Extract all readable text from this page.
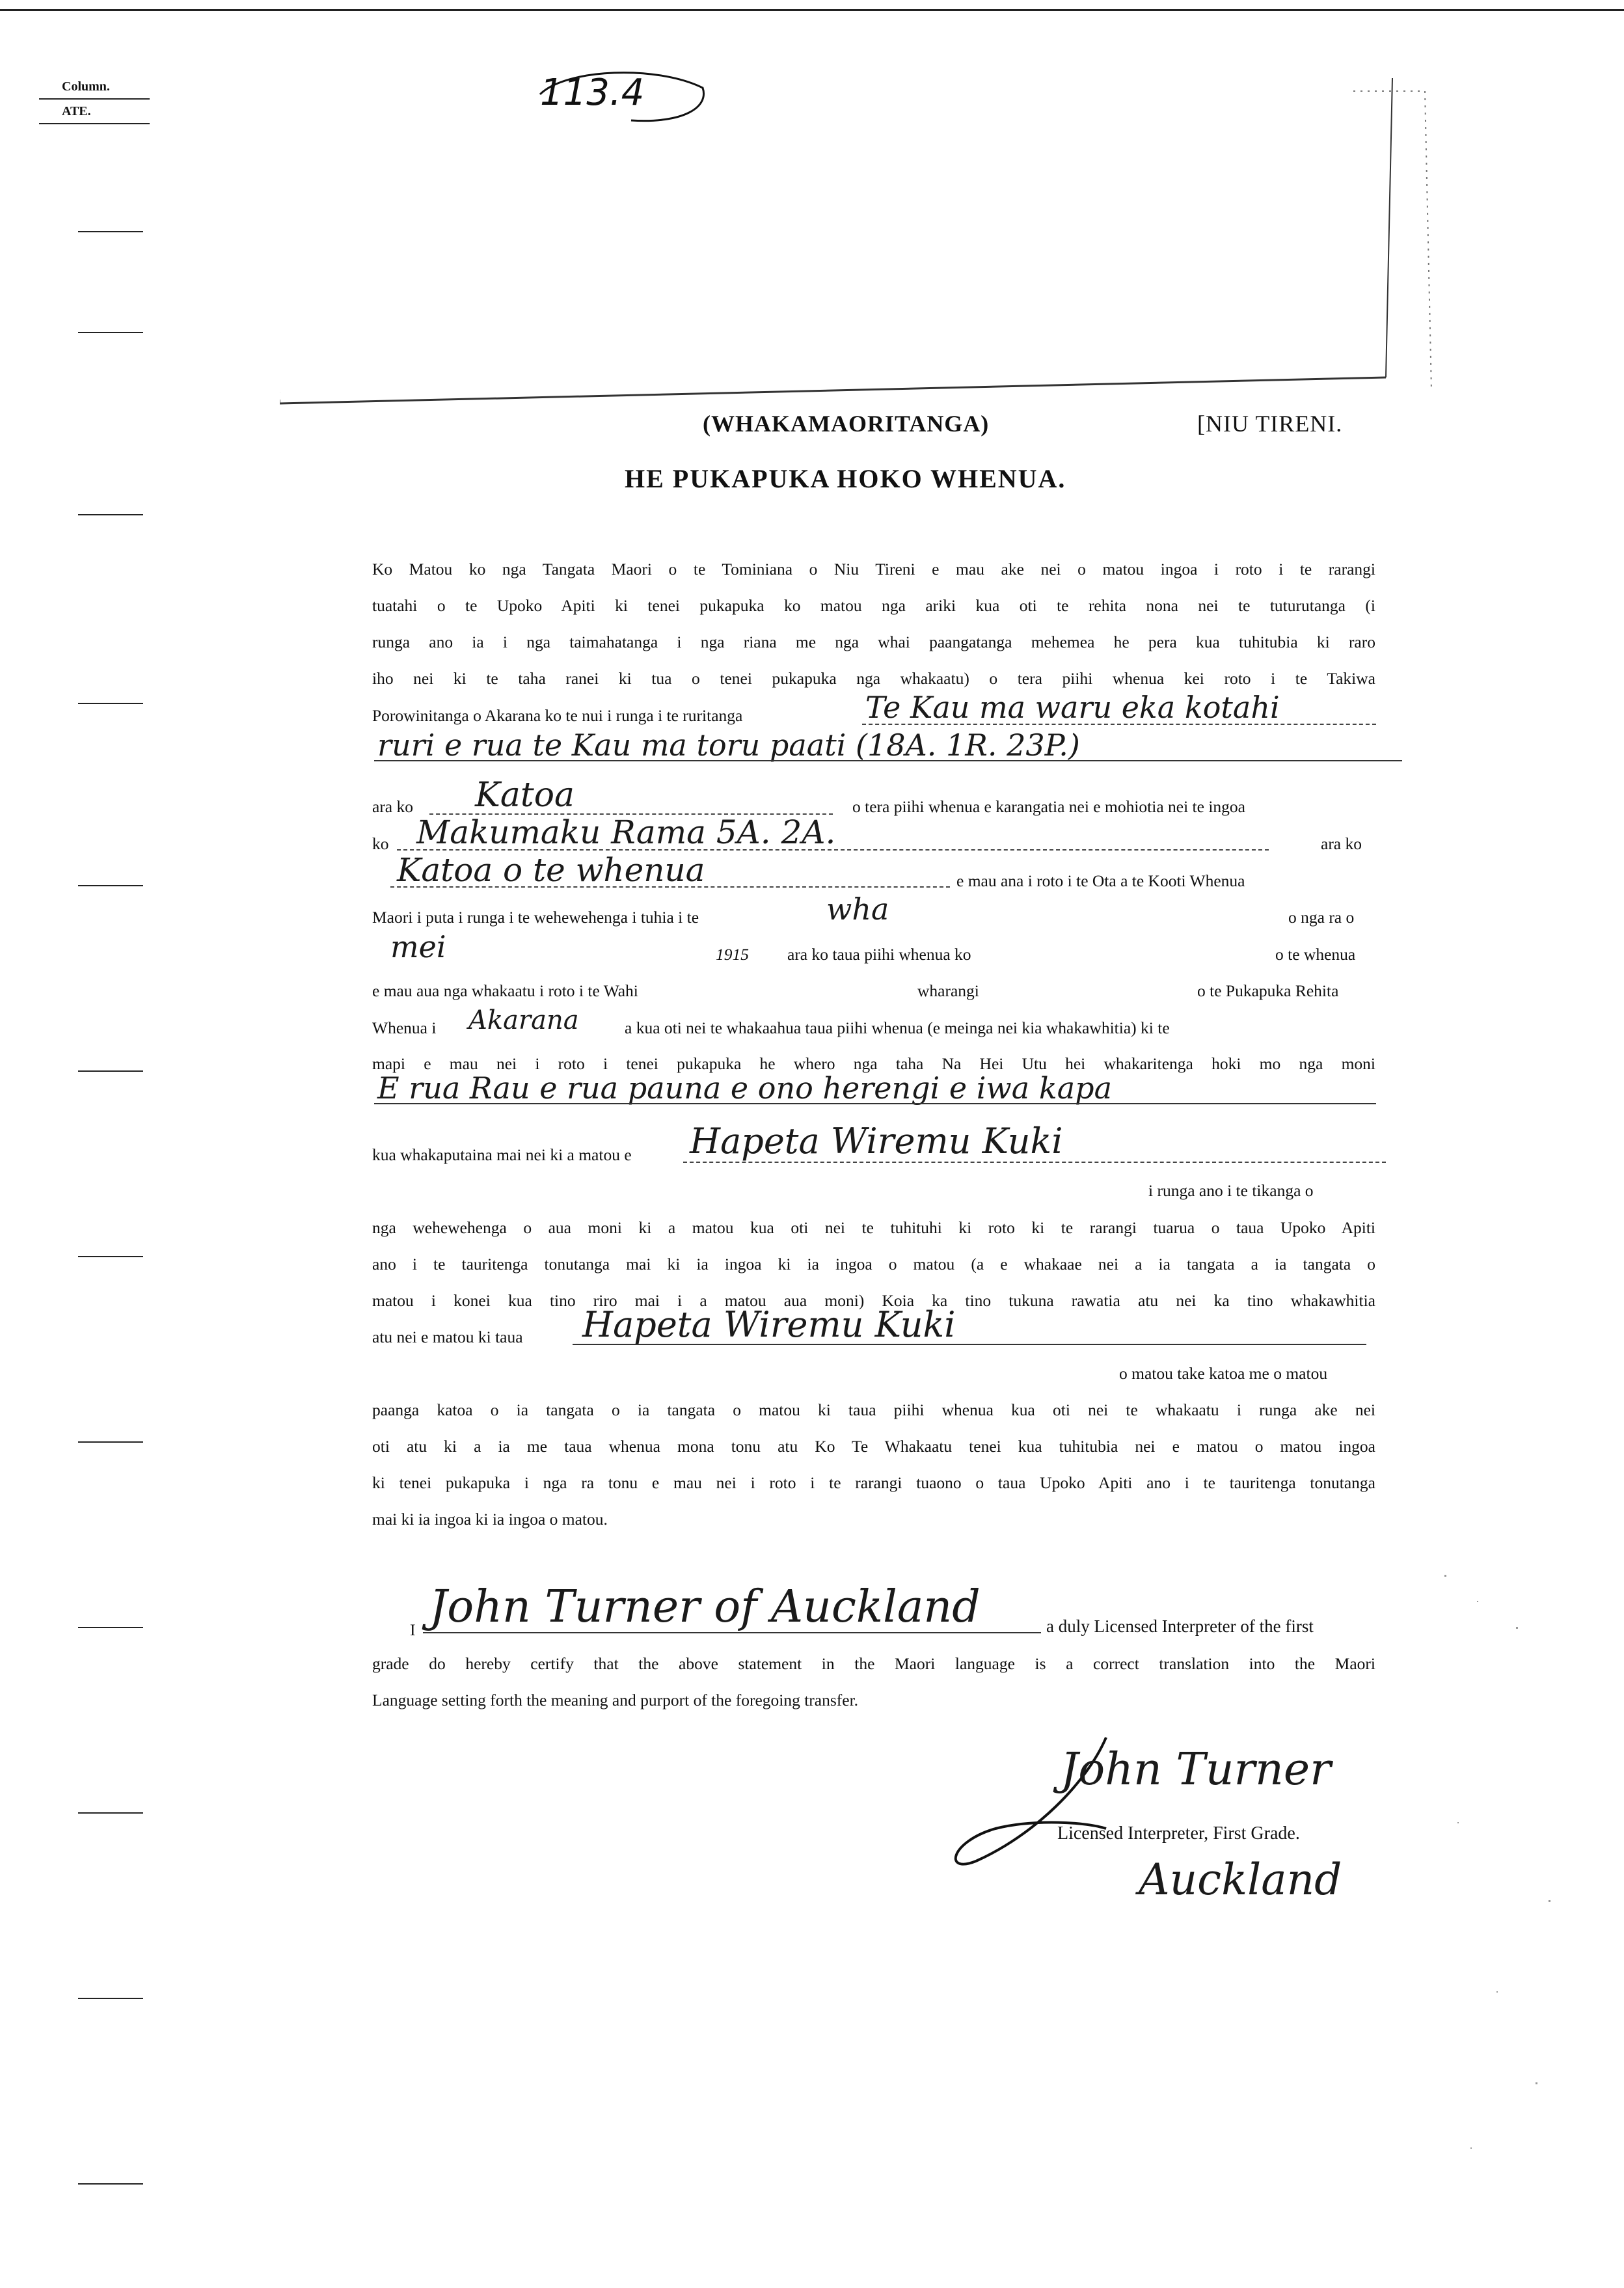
Column.
ATE.	113.4
(WHAKAMAORITANGA)	[NIU TIRENI.
HE PUKAPUKA HOKO WHENUA.
Ko Matou ko nga Tangata Maori o te Tominiana o Niu Tireni e mau ake nei o matou ingoa i roto i te rarangi
tuatahi o te Upoko Apiti ki tenei pukapuka ko matou nga ariki kua oti te rehita nona nei te tuturutanga (i
runga ano ia i nga taimahatanga i nga riana me nga whai paangatanga mehemea he pera kua tuhitubia ki raro
iho nei ki te taha ranei ki tua o tenei pukapuka nga whakaatu) o tera piihi whenua kei roto i te Takiwa
Porowinitanga o Akarana ko te nui i runga i te ruritanga	Te Kau ma waru eka kotahi
ruri e rua te Kau ma toru paati (18A. 1R. 23P.)
ara ko Katoa	o tera piihi whenua e karangatia nei e mohiotia nei te ingoa
ko Makumaku Rama 5A. 2A.	ara ko
Katoa o te whenua	e mau ana i roto i te Ota a te Kooti Whenua
Maori i puta i runga i te wehewehenga i tuhia i te	wha	o nga ra o
mei	1915 ara ko taua piihi whenua ko	o te whenua
e mau aua nga whakaatu i roto i te Wahi	wharangi	o te Pukapuka Rehita
Whenua i Akarana	a kua oti nei te whakaahua taua piihi whenua (e meinga nei kia whakawhitia) ki te
mapi e mau nei i roto i tenei pukapuka he whero nga taha Na Hei Utu hei whakaritenga hoki mo nga moni
E rua Rau e rua pauna e ono herengi e iwa kapa
kua whakaputaina mai nei ki a matou e Hapeta Wiremu Kuki
i runga ano i te tikanga o
nga wehewehenga o aua moni ki a matou kua oti nei te tuhituhi ki roto ki te rarangi tuarua o taua Upoko Apiti
ano i te tauritenga tonutanga mai ki ia ingoa ki ia ingoa o matou (a e whakaae nei a ia tangata a ia tangata o
matou i konei kua tino riro mai i a matou aua moni) Koia ka tino tukuna rawatia atu nei ka tino whakawhitia
atu nei e matou ki taua Hapeta Wiremu Kuki
o matou take katoa me o matou
paanga katoa o ia tangata o ia tangata o matou ki taua piihi whenua kua oti nei te whakaatu i runga ake nei
oti atu ki a ia me taua whenua mona tonu atu Ko Te Whakaatu tenei kua tuhitubia nei e matou o matou ingoa
ki tenei pukapuka i nga ra tonu e mau nei i roto i te rarangi tuaono o taua Upoko Apiti ano i te tauritenga tonutanga
mai ki ia ingoa ki ia ingoa o matou.
I John Turner of Auckland	a duly Licensed Interpreter of the first
grade do hereby certify that the above statement in the Maori language is a correct translation into the Maori
Language setting forth the meaning and purport of the foregoing transfer.
John Turner
Licensed Interpreter, First Grade.
Auckland
